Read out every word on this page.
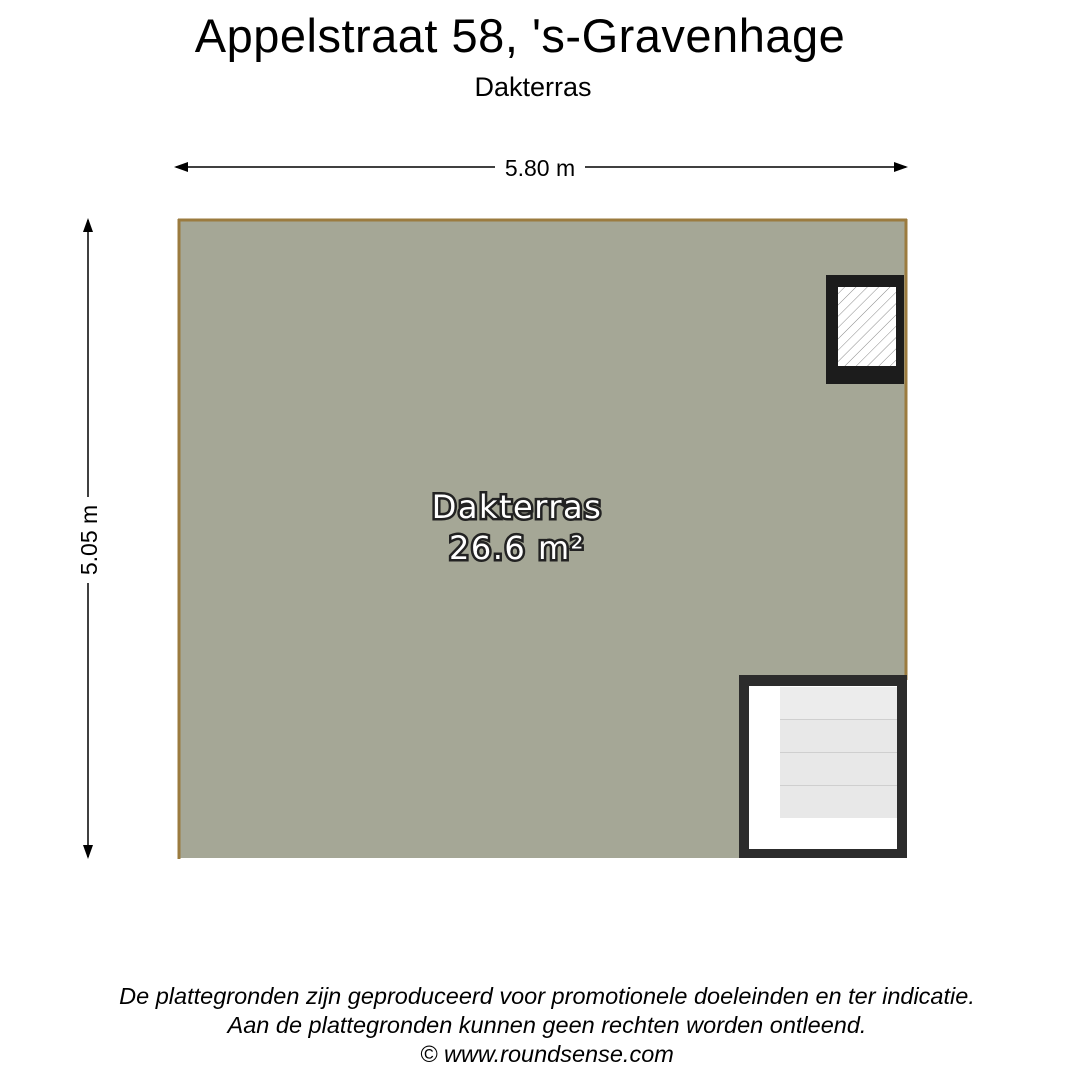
Appelstraat 58, 's-Gravenhage
Dakterras
5.80 m
5.05 m	Dakterras
26.6 m²
De plattegronden zijn geproduceerd voor promotionele doeleinden en ter indicatie.
Aan de plattegronden kunnen geen rechten worden ontleend.
© www.roundsense.com
